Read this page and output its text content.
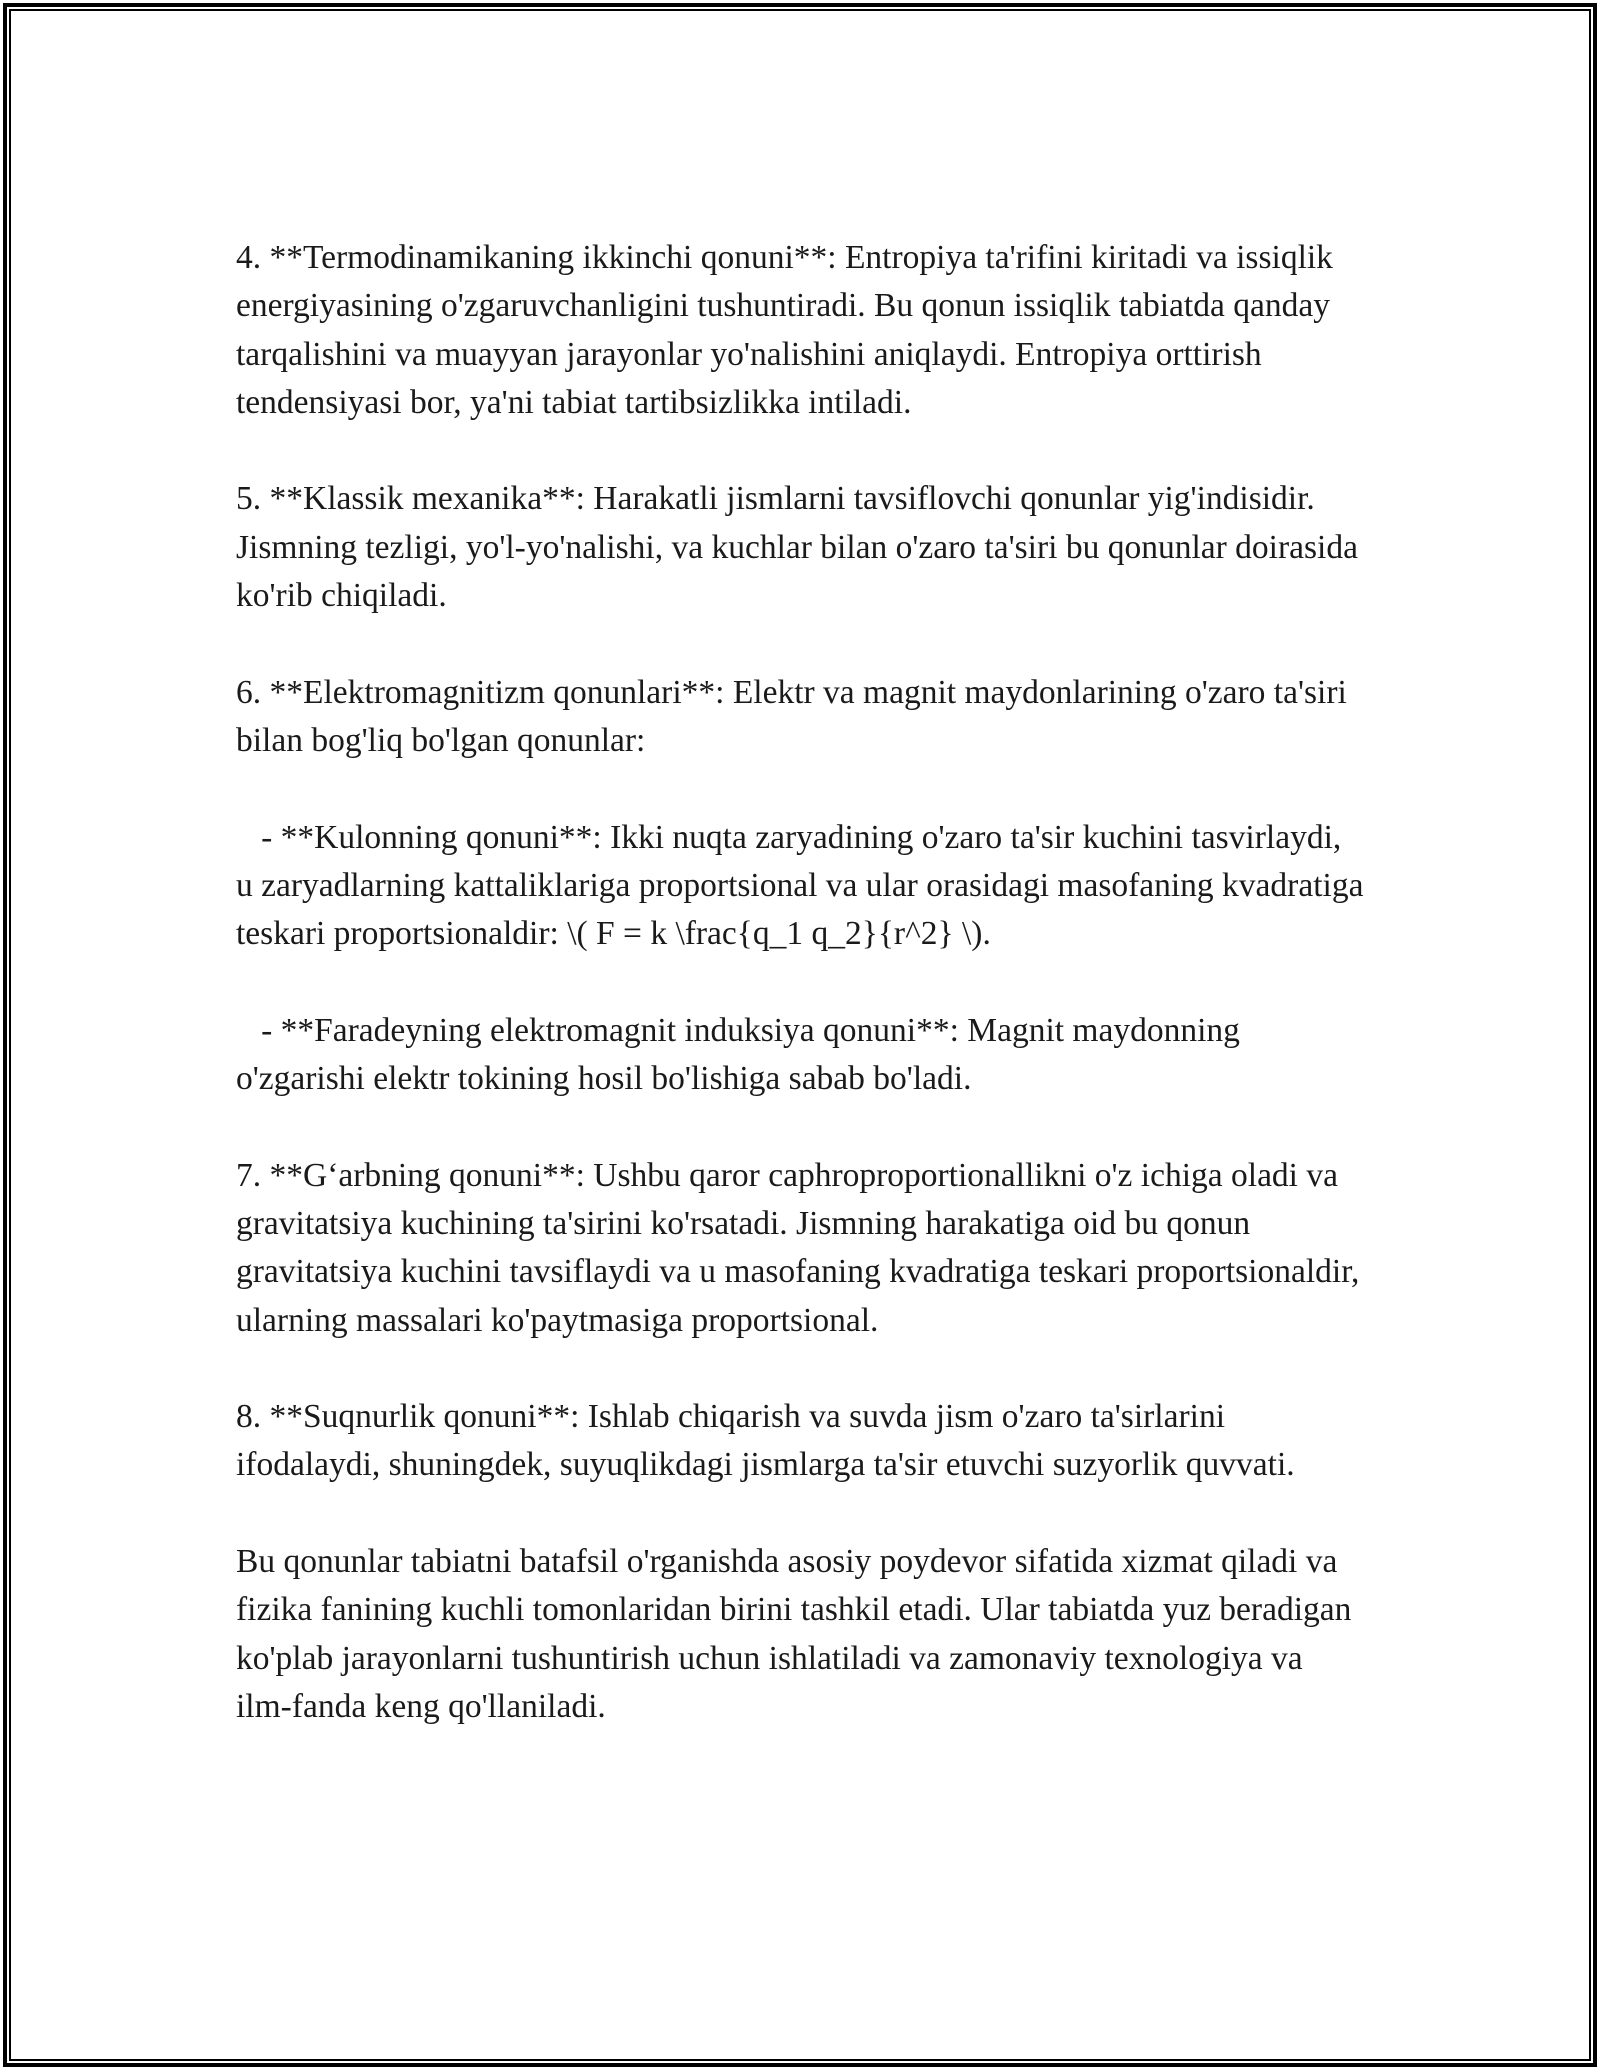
4. **Termodinamikaning ikkinchi qonuni**: Entropiya ta'rifini kiritadi va issiqlik energiyasining o'zgaruvchanligini tushuntiradi. Bu qonun issiqlik tabiatda qanday tarqalishini va muayyan jarayonlar yo'nalishini aniqlaydi. Entropiya orttirish tendensiyasi bor, ya'ni tabiat tartibsizlikka intiladi.

5. **Klassik mexanika**: Harakatli jismlarni tavsiflovchi qonunlar yig'indisidir. Jismning tezligi, yo'l-yo'nalishi, va kuchlar bilan o'zaro ta'siri bu qonunlar doirasida ko'rib chiqiladi.

6. **Elektromagnitizm qonunlari**: Elektr va magnit maydonlarining o'zaro ta'siri bilan bog'liq bo'lgan qonunlar:

- **Kulonning qonuni**: Ikki nuqta zaryadining o'zaro ta'sir kuchini tasvirlaydi, u zaryadlarning kattaliklariga proportsional va ular orasidagi masofaning kvadratiga teskari proportsionaldir: \( F = k \frac{q_1 q_2}{r^2} \).

- **Faradeyning elektromagnit induksiya qonuni**: Magnit maydonning o'zgarishi elektr tokining hosil bo'lishiga sabab bo'ladi.

7. **G‘arbning qonuni**: Ushbu qaror caphroproportionallikni o'z ichiga oladi va gravitatsiya kuchining ta'sirini ko'rsatadi. Jismning harakatiga oid bu qonun gravitatsiya kuchini tavsiflaydi va u masofaning kvadratiga teskari proportsionaldir, ularning massalari ko'paytmasiga proportsional.

8. **Suqnurlik qonuni**: Ishlab chiqarish va suvda jism o'zaro ta'sirlarini ifodalaydi, shuningdek, suyuqlikdagi jismlarga ta'sir etuvchi suzyorlik quvvati.

Bu qonunlar tabiatni batafsil o'rganishda asosiy poydevor sifatida xizmat qiladi va fizika fanining kuchli tomonlaridan birini tashkil etadi. Ular tabiatda yuz beradigan ko'plab jarayonlarni tushuntirish uchun ishlatiladi va zamonaviy texnologiya va ilm-fanda keng qo'llaniladi.
